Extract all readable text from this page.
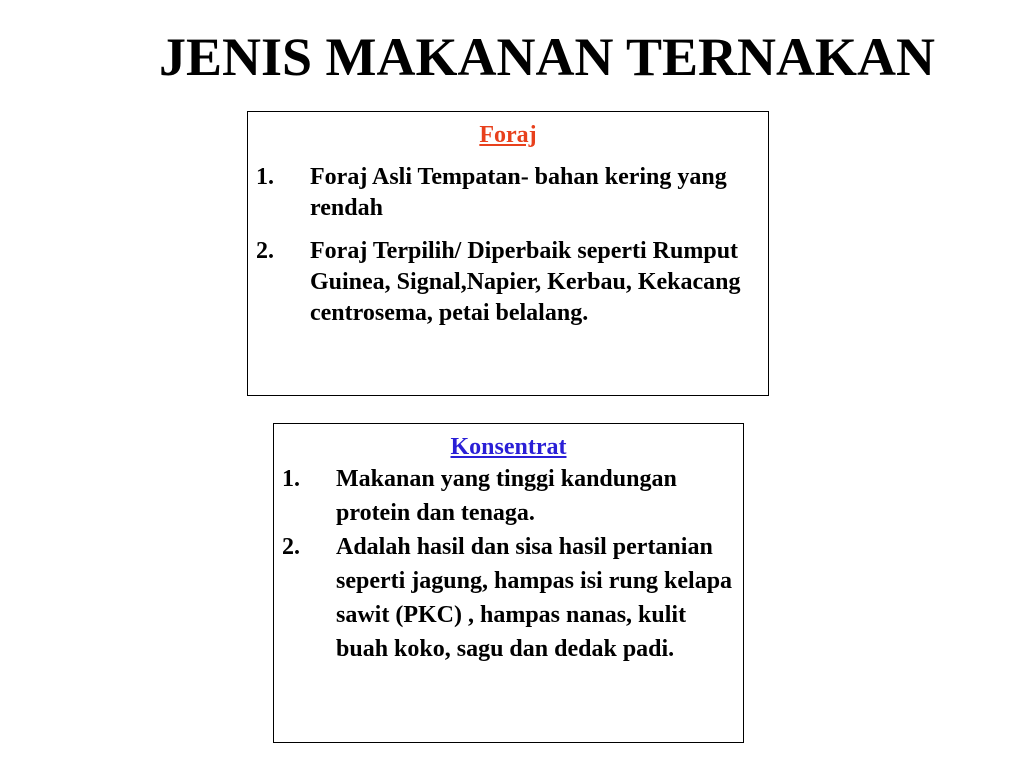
JENIS MAKANAN TERNAKAN

Foraj

1.	Foraj Asli Tempatan- bahan kering yang rendah
2.	Foraj Terpilih/ Diperbaik seperti Rumput Guinea, Signal,Napier, Kerbau, Kekacang centrosema, petai belalang.

Konsentrat

1.	Makanan yang tinggi kandungan protein dan tenaga.
2.	Adalah hasil dan sisa hasil pertanian seperti jagung, hampas isi rung kelapa sawit (PKC) , hampas nanas, kulit buah koko, sagu dan dedak padi.
